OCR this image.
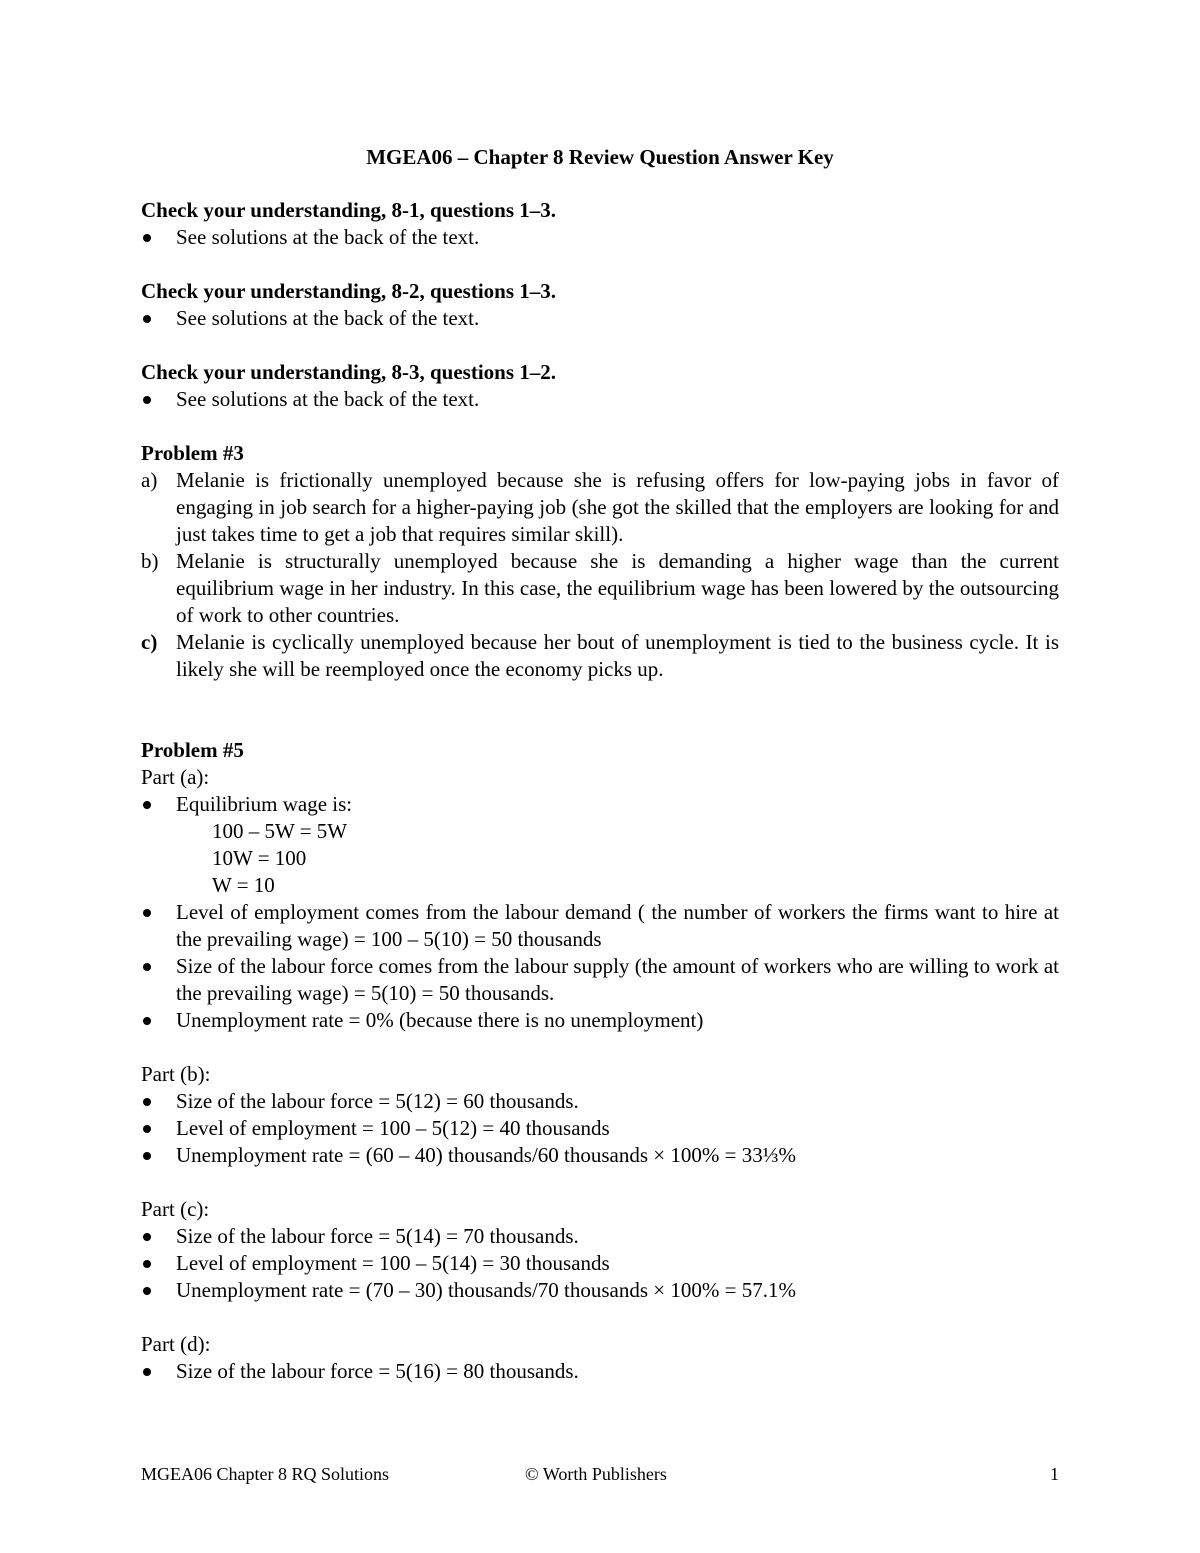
MGEA06 – Chapter 8 Review Question Answer Key
Check your understanding, 8-1, questions 1–3.
See solutions at the back of the text.
Check your understanding, 8-2, questions 1–3.
See solutions at the back of the text.
Check your understanding, 8-3, questions 1–2.
See solutions at the back of the text.
Problem #3
a) Melanie is frictionally unemployed because she is refusing offers for low-paying jobs in favor of engaging in job search for a higher-paying job (she got the skilled that the employers are looking for and just takes time to get a job that requires similar skill).
b) Melanie is structurally unemployed because she is demanding a higher wage than the current equilibrium wage in her industry. In this case, the equilibrium wage has been lowered by the outsourcing of work to other countries.
c) Melanie is cyclically unemployed because her bout of unemployment is tied to the business cycle. It is likely she will be reemployed once the economy picks up.
Problem #5
Part (a):
Equilibrium wage is:
100 – 5W = 5W
10W = 100
W = 10
Level of employment comes from the labour demand ( the number of workers the firms want to hire at the prevailing wage) = 100 – 5(10) = 50 thousands
Size of the labour force comes from the labour supply (the amount of workers who are willing to work at the prevailing wage) = 5(10) = 50 thousands.
Unemployment rate = 0% (because there is no unemployment)
Part (b):
Size of the labour force = 5(12) = 60 thousands.
Level of employment = 100 – 5(12) = 40 thousands
Unemployment rate = (60 – 40) thousands/60 thousands × 100% = 33⅓%
Part (c):
Size of the labour force = 5(14) = 70 thousands.
Level of employment = 100 – 5(14) = 30 thousands
Unemployment rate = (70 – 30) thousands/70 thousands × 100% = 57.1%
Part (d):
Size of the labour force = 5(16) = 80 thousands.
MGEA06 Chapter 8 RQ Solutions	© Worth Publishers	1
